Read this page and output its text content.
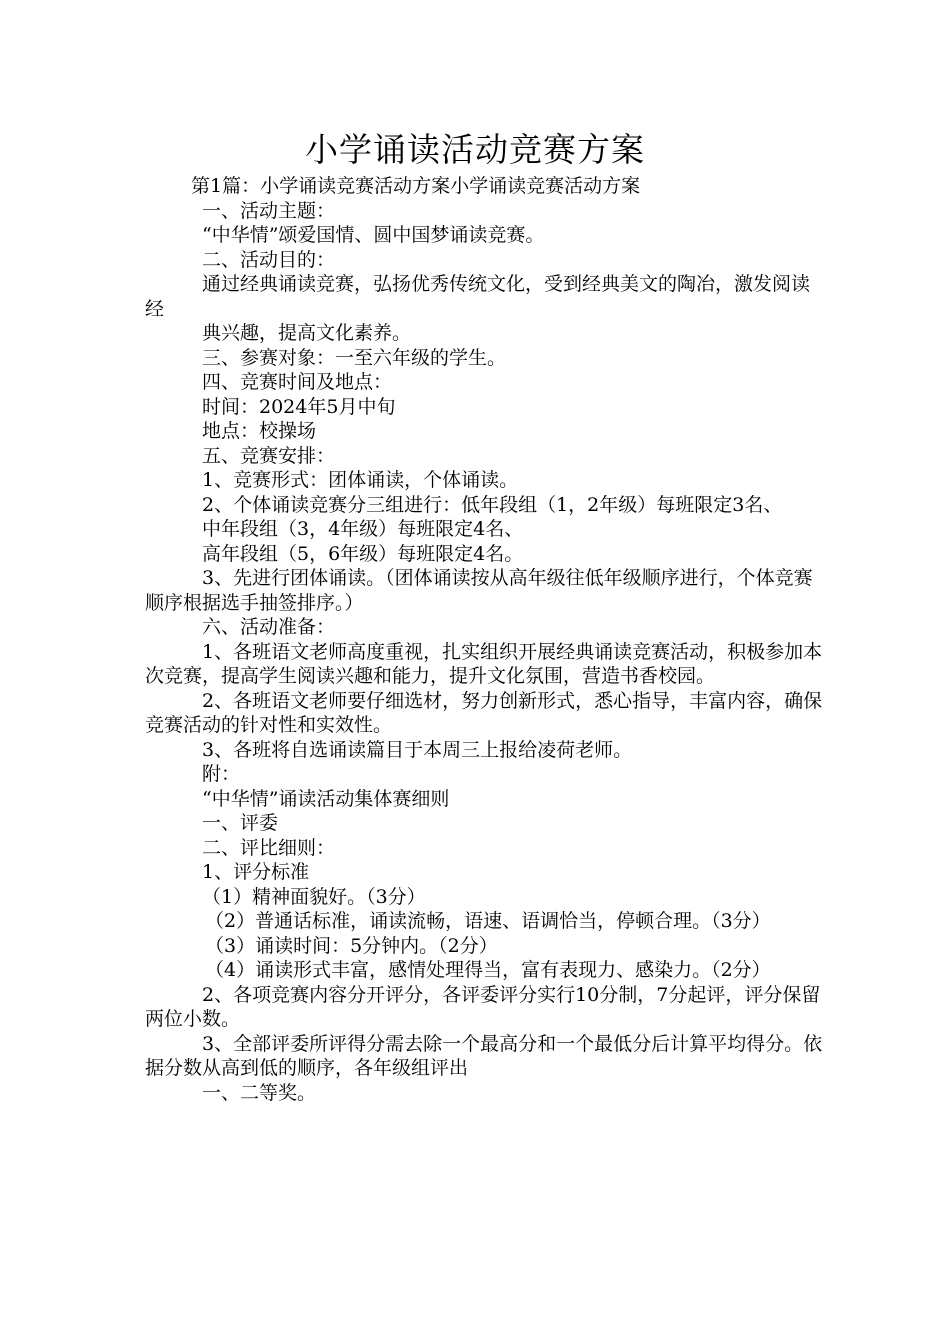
小学诵读活动竞赛方案

第1篇：小学诵读竞赛活动方案小学诵读竞赛活动方案

一、活动主题：

“中华情”颂爱国情、圆中国梦诵读竞赛。

二、活动目的：

通过经典诵读竞赛，弘扬优秀传统文化，受到经典美文的陶冶，激发阅读经

典兴趣，提高文化素养。

三、参赛对象：一至六年级的学生。

四、竞赛时间及地点：

时间：2024年5月中旬

地点：校操场

五、竞赛安排：

1、竞赛形式：团体诵读，个体诵读。

2、个体诵读竞赛分三组进行：低年段组（1，2年级）每班限定3名、

中年段组（3，4年级）每班限定4名、

高年段组（5，6年级）每班限定4名。

3、先进行团体诵读。（团体诵读按从高年级往低年级顺序进行，个体竞赛顺序根据选手抽签排序。）

六、活动准备：

1、各班语文老师高度重视，扎实组织开展经典诵读竞赛活动，积极参加本次竞赛，提高学生阅读兴趣和能力，提升文化氛围，营造书香校园。

2、各班语文老师要仔细选材，努力创新形式，悉心指导，丰富内容，确保竞赛活动的针对性和实效性。

3、各班将自选诵读篇目于本周三上报给凌荷老师。

附：

“中华情”诵读活动集体赛细则

一、评委

二、评比细则：

1、评分标准

（1）精神面貌好。（3分）

（2）普通话标准，诵读流畅，语速、语调恰当，停顿合理。（3分）

（3）诵读时间：5分钟内。（2分）

（4）诵读形式丰富，感情处理得当，富有表现力、感染力。（2分）

2、各项竞赛内容分开评分，各评委评分实行10分制，7分起评，评分保留两位小数。

3、全部评委所评得分需去除一个最高分和一个最低分后计算平均得分。依据分数从高到低的顺序，各年级组评出

一、二等奖。
